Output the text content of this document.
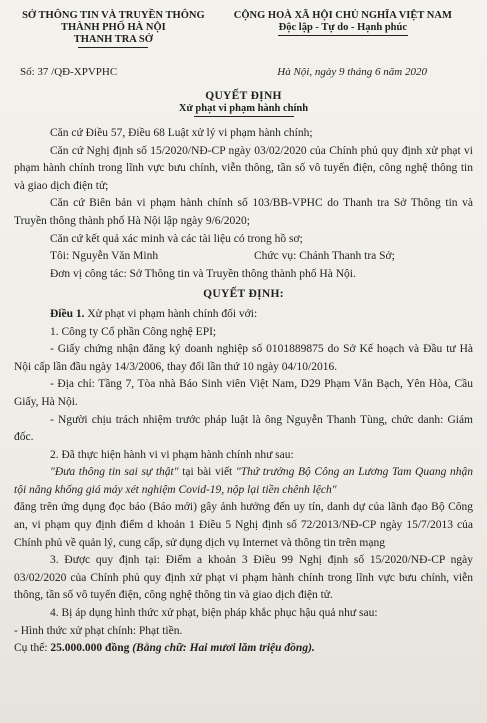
SỞ THÔNG TIN VÀ TRUYỀN THÔNG
THÀNH PHỐ HÀ NỘI
THANH TRA SỞ
CỘNG HOÀ XÃ HỘI CHỦ NGHĨA VIỆT NAM
Độc lập - Tự do - Hạnh phúc
Số: 37 /QĐ-XPVPHC	Hà Nội, ngày 9 tháng 6 năm 2020
QUYẾT ĐỊNH
Xử phạt vi phạm hành chính

Căn cứ Điều 57, Điều 68 Luật xử lý vi phạm hành chính;

Căn cứ Nghị định số 15/2020/NĐ-CP ngày 03/02/2020 của Chính phủ quy định xử phạt vi phạm hành chính trong lĩnh vực bưu chính, viễn thông, tần số vô tuyến điện, công nghệ thông tin và giao dịch điện tử;

Căn cứ Biên bản vi phạm hành chính số 103/BB-VPHC do Thanh tra Sở Thông tin và Truyền thông thành phố Hà Nội lập ngày 9/6/2020;

Căn cứ kết quả xác minh và các tài liệu có trong hồ sơ;

Tôi: Nguyễn Văn Minh	Chức vụ: Chánh Thanh tra Sở;

Đơn vị công tác: Sở Thông tin và Truyền thông thành phố Hà Nội.

QUYẾT ĐỊNH:

Điều 1. Xử phạt vi phạm hành chính đối với:

1. Công ty Cổ phần Công nghệ EPI;

- Giấy chứng nhận đăng ký doanh nghiệp số 0101889875 do Sở Kế hoạch và Đầu tư Hà Nội cấp lần đầu ngày 14/3/2006, thay đổi lần thứ 10 ngày 04/10/2016.

- Địa chỉ: Tầng 7, Tòa nhà Báo Sinh viên Việt Nam, D29 Phạm Văn Bạch, Yên Hòa, Cầu Giấy, Hà Nội.

- Người chịu trách nhiệm trước pháp luật là ông Nguyễn Thanh Tùng, chức danh: Giám đốc.

2. Đã thực hiện hành vi vi phạm hành chính như sau:

"Đưa thông tin sai sự thật" tại bài viết "Thứ trưởng Bộ Công an Lương Tam Quang nhận tội nâng khống giá máy xét nghiệm Covid-19, nộp lại tiền chênh lệch"

đăng trên ứng dụng đọc báo (Báo mới) gây ảnh hưởng đến uy tín, danh dự của lãnh đạo Bộ Công an, vi phạm quy định điểm d khoản 1 Điều 5 Nghị định số 72/2013/NĐ-CP ngày 15/7/2013 của Chính phủ về quản lý, cung cấp, sử dụng dịch vụ Internet và thông tin trên mạng

3. Được quy định tại: Điểm a khoản 3 Điều 99 Nghị định số 15/2020/NĐ-CP ngày 03/02/2020 của Chính phủ quy định xử phạt vi phạm hành chính trong lĩnh vực bưu chính, viễn thông, tần số vô tuyến điện, công nghệ thông tin và giao dịch điện tử.

4. Bị áp dụng hình thức xử phạt, biện pháp khắc phục hậu quả như sau:

- Hình thức xử phạt chính: Phạt tiền.

Cụ thể: 25.000.000 đồng (Bằng chữ: Hai mươi lăm triệu đồng).
